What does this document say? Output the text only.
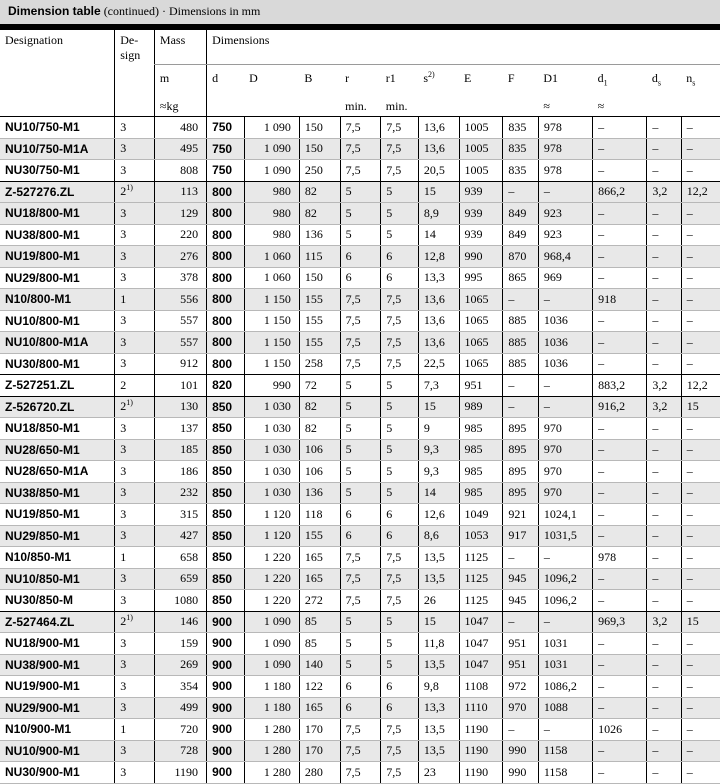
Dimension table (continued) · Dimensions in mm
Designation	De-
sign	Mass	Dimensions											
		m	d	D	B	r	r1	$s^{2)}$	E	F	D1	$d_1$	$d_s$	$n_s$
		≈kg				min.	min.				≈	≈		
NU10/750-M1	3	480	750	1 090	150	7,5	7,5	13,6	1005	835	978	–	–	–
NU10/750-M1A	3	495	750	1 090	150	7,5	7,5	13,6	1005	835	978	–	–	–
NU30/750-M1	3	808	750	1 090	250	7,5	7,5	20,5	1005	835	978	–	–	–
Z-527276.ZL	2$^{1)}$	113	800	980	82	5	5	15	939	–	–	866,2	3,2	12,2
NU18/800-M1	3	129	800	980	82	5	5	8,9	939	849	923	–	–	–
NU38/800-M1	3	220	800	980	136	5	5	14	939	849	923	–	–	–
NU19/800-M1	3	276	800	1 060	115	6	6	12,8	990	870	968,4	–	–	–
NU29/800-M1	3	378	800	1 060	150	6	6	13,3	995	865	969	–	–	–
N10/800-M1	1	556	800	1 150	155	7,5	7,5	13,6	1065	–	–	918	–	–
NU10/800-M1	3	557	800	1 150	155	7,5	7,5	13,6	1065	885	1036	–	–	–
NU10/800-M1A	3	557	800	1 150	155	7,5	7,5	13,6	1065	885	1036	–	–	–
NU30/800-M1	3	912	800	1 150	258	7,5	7,5	22,5	1065	885	1036	–	–	–
Z-527251.ZL	2	101	820	990	72	5	5	7,3	951	–	–	883,2	3,2	12,2
Z-526720.ZL	2$^{1)}$	130	850	1 030	82	5	5	15	989	–	–	916,2	3,2	15
NU18/850-M1	3	137	850	1 030	82	5	5	9	985	895	970	–	–	–
NU28/650-M1	3	185	850	1 030	106	5	5	9,3	985	895	970	–	–	–
NU28/650-M1A	3	186	850	1 030	106	5	5	9,3	985	895	970	–	–	–
NU38/850-M1	3	232	850	1 030	136	5	5	14	985	895	970	–	–	–
NU19/850-M1	3	315	850	1 120	118	6	6	12,6	1049	921	1024,1	–	–	–
NU29/850-M1	3	427	850	1 120	155	6	6	8,6	1053	917	1031,5	–	–	–
N10/850-M1	1	658	850	1 220	165	7,5	7,5	13,5	1125	–	–	978	–	–
NU10/850-M1	3	659	850	1 220	165	7,5	7,5	13,5	1125	945	1096,2	–	–	–
NU30/850-M	3	1080	850	1 220	272	7,5	7,5	26	1125	945	1096,2	–	–	–
Z-527464.ZL	2$^{1)}$	146	900	1 090	85	5	5	15	1047	–	–	969,3	3,2	15
NU18/900-M1	3	159	900	1 090	85	5	5	11,8	1047	951	1031	–	–	–
NU38/900-M1	3	269	900	1 090	140	5	5	13,5	1047	951	1031	–	–	–
NU19/900-M1	3	354	900	1 180	122	6	6	9,8	1108	972	1086,2	–	–	–
NU29/900-M1	3	499	900	1 180	165	6	6	13,3	1110	970	1088	–	–	–
N10/900-M1	1	720	900	1 280	170	7,5	7,5	13,5	1190	–	–	1026	–	–
NU10/900-M1	3	728	900	1 280	170	7,5	7,5	13,5	1190	990	1158	–	–	–
NU30/900-M1	3	1190	900	1 280	280	7,5	7,5	23	1190	990	1158	–	–	–
